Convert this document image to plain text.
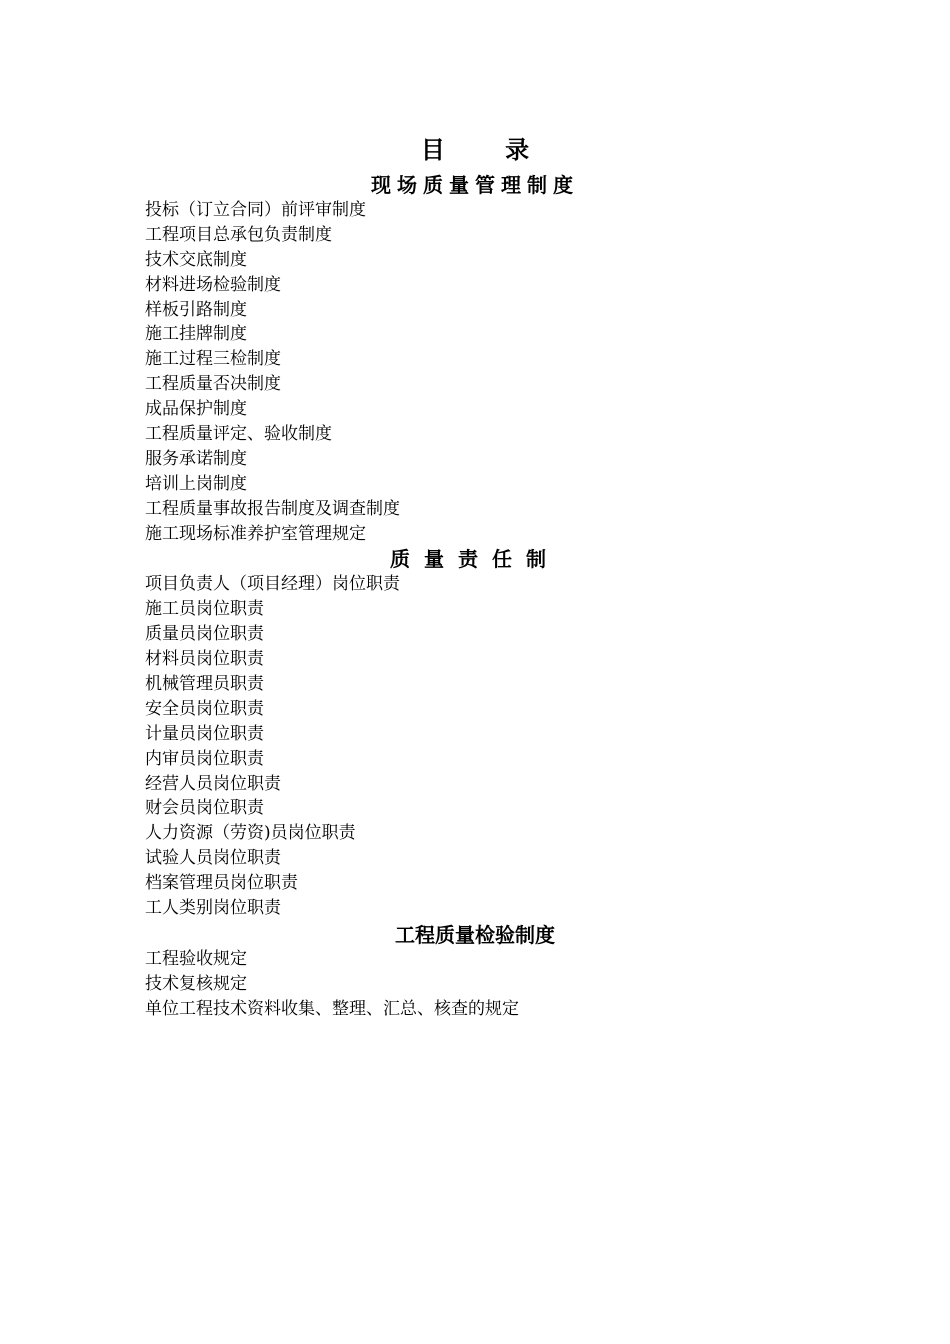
目 录
现场质量管理制度
投标（订立合同）前评审制度
工程项目总承包负责制度
技术交底制度
材料进场检验制度
样板引路制度
施工挂牌制度
施工过程三检制度
工程质量否决制度
成品保护制度
工程质量评定、验收制度
服务承诺制度
培训上岗制度
工程质量事故报告制度及调查制度
施工现场标准养护室管理规定
质量责任制
项目负责人（项目经理）岗位职责
施工员岗位职责
质量员岗位职责
材料员岗位职责
机械管理员职责
安全员岗位职责
计量员岗位职责
内审员岗位职责
经营人员岗位职责
财会员岗位职责
人力资源（劳资)员岗位职责
试验人员岗位职责
档案管理员岗位职责
工人类别岗位职责
工程质量检验制度
工程验收规定
技术复核规定
单位工程技术资料收集、整理、汇总、核查的规定
